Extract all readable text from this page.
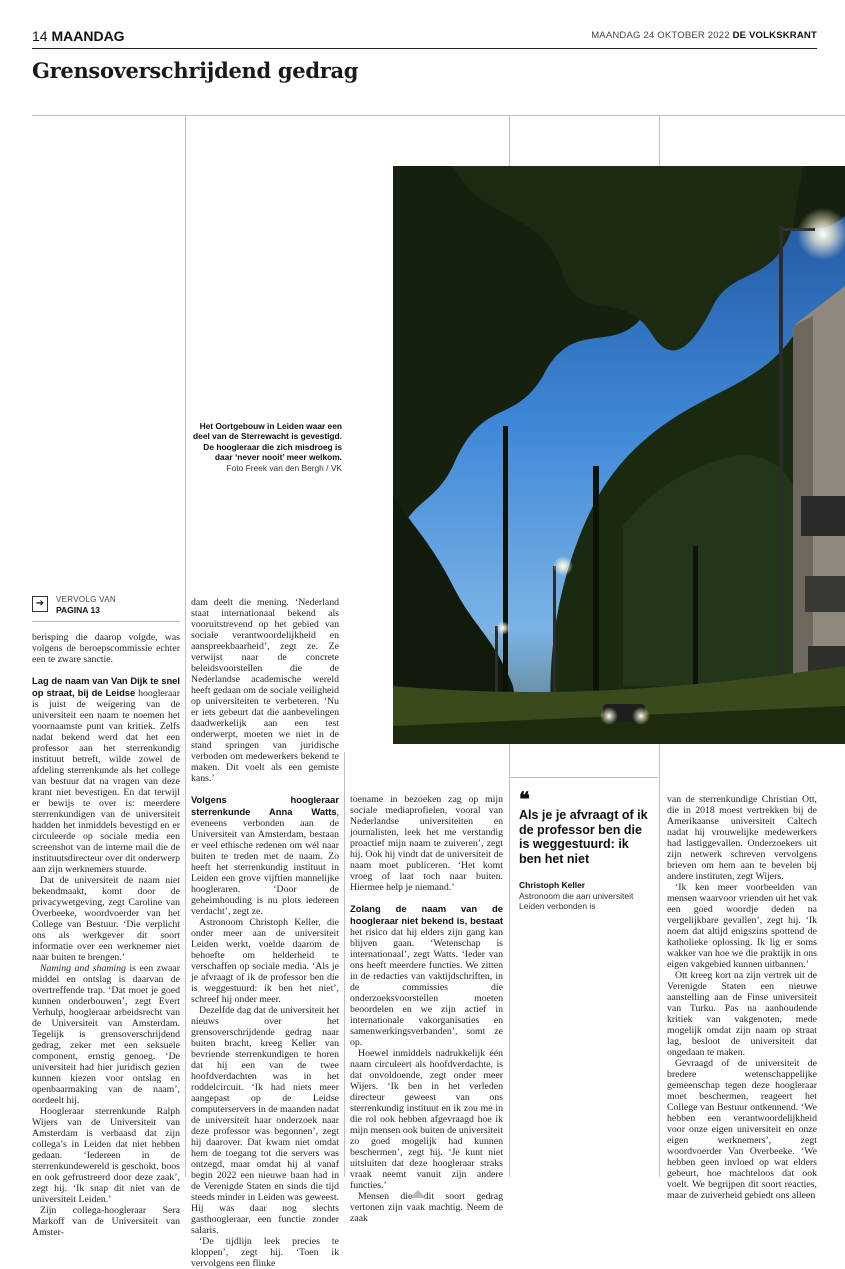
14 MAANDAG	MAANDAG 24 OKTOBER 2022 DE VOLKSKRANT
Grensoverschrijdend gedrag
Het Oortgebouw in Leiden waar een deel van de Sterrewacht is gevestigd. De hoogleraar die zich misdroeg is daar ‘never nooit’ meer welkom.
Foto Freek van den Bergh / VK
➔	VERVOLG VAN
PAGINA 13

berisping die daarop volgde, was volgens de beroepscommissie echter een te zware sanctie.

Lag de naam van Van Dijk te snel op straat, bij de Leidse hoogleraar is juist de weigering van de universiteit een naam te noemen het voornaamste punt van kritiek. Zelfs nadat bekend werd dat het een professor aan het sterrenkundig instituut betreft, wilde zowel de afdeling sterrenkunde als het college van bestuur dat na vragen van deze krant niet bevestigen. En dat terwijl er bewijs te over is: meerdere sterrenkundigen van de universiteit hadden het inmiddels bevestigd en er circuleerde op sociale media een screenshot van de interne mail die de instituutsdirecteur over dit onderwerp aan zijn werknemers stuurde.

Dat de universiteit de naam niet bekendmaakt, komt door de privacywetgeving, zegt Caroline van Overbeeke, woordvoerder van het College van Bestuur. ‘Die verplicht ons als werkgever dit soort informatie over een werknemer niet naar buiten te brengen.’

Naming and shaming is een zwaar middel en ontslag is daarvan de overtreffende trap. ‘Dat moet je goed kunnen onderbouwen’, zegt Evert Verhulp, hoogleraar arbeidsrecht van de Universiteit van Amsterdam. Tegelijk is grensoverschrijdend gedrag, zeker met een seksuele component, ernstig genoeg. ‘De universiteit had hier juridisch gezien kunnen kiezen voor ontslag en openbaarmaking van de naam’, oordeelt hij.

Hoogleraar sterrenkunde Ralph Wijers van de Universiteit van Amsterdam is verbaasd dat zijn collega’s in Leiden dat niet hebben gedaan. ‘Iedereen in de sterrenkundewereld is geschokt, boos en ook gefrustreerd door deze zaak’, zegt hij. ‘Ik snap dit niet van de universiteit Leiden.’

Zijn collega-hoogleraar Sera Markoff van de Universiteit van Amster-

dam deelt die mening. ‘Nederland staat internationaal bekend als vooruitstrevend op het gebied van sociale verantwoordelijkheid en aanspreekbaarheid’, zegt ze. Ze verwijst naar de concrete beleidsvoorstellen die de Nederlandse academische wereld heeft gedaan om de sociale veiligheid op universiteiten te verbeteren. ‘Nu er iets gebeurt dat die aanbevelingen daadwerkelijk aan een test onderwerpt, moeten we niet in de stand springen van juridische verboden om medewerkers bekend te maken. Dit voelt als een gemiste kans.’

Volgens hoogleraar sterrenkunde Anna Watts, eveneens verbonden aan de Universiteit van Amsterdam, bestaan er veel ethische redenen om wél naar buiten te treden met de naam. Zo heeft het sterrenkundig instituut in Leiden een grove vijftien mannelijke hoogleraren. ‘Door de geheimhouding is nu plots iedereen verdacht’, zegt ze.

Astronoom Christoph Keller, die onder meer aan de universiteit Leiden werkt, voelde daarom de behoefte om helderheid te verschaffen op sociale media. ‘Als je je afvraagt of ik de professor ben die is weggestuurd: ik ben het niet’, schreef hij onder meer.

Dezelfde dag dat de universiteit het nieuws over het grensoverschrijdende gedrag naar buiten bracht, kreeg Keller van bevriende sterrenkundigen te horen dat hij een van de twee hoofdverdachten was in het roddelcircuit. ‘Ik had niets meer aangepast op de Leidse computerservers in de maanden nadat de universiteit haar onderzoek naar deze professor was begonnen’, zegt hij daarover. Dat kwam niet omdat hem de toegang tot die servers was ontzegd, maar omdat hij al vanaf begin 2022 een nieuwe baan had in de Verenigde Staten en sinds die tijd steeds minder in Leiden was geweest. Hij was daar nog slechts gasthoogleraar, een functie zonder salaris.

‘De tijdlijn leek precies te kloppen’, zegt hij. ‘Toen ik vervolgens een flinke

toename in bezoeken zag op mijn sociale mediaprofielen, vooral van Nederlandse universiteiten en journalisten, leek het me verstandig proactief mijn naam te zuiveren’, zegt hij. Ook hij vindt dat de universiteit de naam moet publiceren. ‘Het komt vroeg of laat toch naar buiten. Hiermee help je niemand.’

Zolang de naam van de hoogleraar niet bekend is, bestaat het risico dat hij elders zijn gang kan blijven gaan. ‘Wetenschap is internationaal’, zegt Watts. ‘Ieder van ons heeft meerdere functies. We zitten in de redacties van vaktijdschriften, in de commissies die onderzoeksvoorstellen moeten beoordelen en we zijn actief in internationale vakorganisaties en samenwerkingsverbanden’, somt ze op.

Hoewel inmiddels nadrukkelijk één naam circuleert als hoofdverdachte, is dat onvoldoende, zegt onder meer Wijers. ‘Ik ben in het verleden directeur geweest van ons sterrenkundig instituut en ik zou me in die rol ook hebben afgevraagd hoe ik mijn mensen ook buiten de universiteit zo goed mogelijk had kunnen beschermen’, zegt hij. ‘Je kunt niet uitsluiten dat deze hoogleraar straks vraak neemt vanuit zijn andere functies.’

Mensen die dit soort gedrag vertonen zijn vaak machtig. Neem de zaak

❝
Als je je afvraagt of ik de professor ben die is weggestuurd: ik ben het niet
Christoph Keller
Astronoom die aan universiteit Leiden verbonden is

van de sterrenkundige Christian Ott, die in 2018 moest vertrekken bij de Amerikaanse universiteit Caltech nadat hij vrouwelijke medewerkers had lastiggevallen. Onderzoekers uit zijn netwerk schreven vervolgens brieven om hem aan te bevelen bij andere instituten, zegt Wijers.

‘Ik ken meer voorbeelden van mensen waarvoor vrienden uit het vak een goed woordje deden na vergelijkbare gevallen’, zegt hij. ‘Ik noem dat altijd enigszins spottend de katholieke oplossing. Ik lig er soms wakker van hoe we die praktijk in ons eigen vakgebied kunnen uitbannen.’

Ott kreeg kort na zijn vertrek uit de Verenigde Staten een nieuwe aanstelling aan de Finse universiteit van Turku. Pas na aanhoudende kritiek van vakgenoten, mede mogelijk omdat zijn naam op straat lag, besloot de universiteit dat ongedaan te maken.

Gevraagd of de universiteit de bredere wetenschappelijke gemeenschap tegen deze hoogleraar moet beschermen, reageert het College van Bestuur ontkennend. ‘We hebben een verantwoordelijkheid voor onze eigen universiteit en onze eigen werknemers’, zegt woordvoerder Van Overbeeke. ‘We hebben geen invloed op wat elders gebeurt, hoe machteloos dat ook voelt. We begrijpen dit soort reacties, maar de zuiverheid gebiedt ons alleen
